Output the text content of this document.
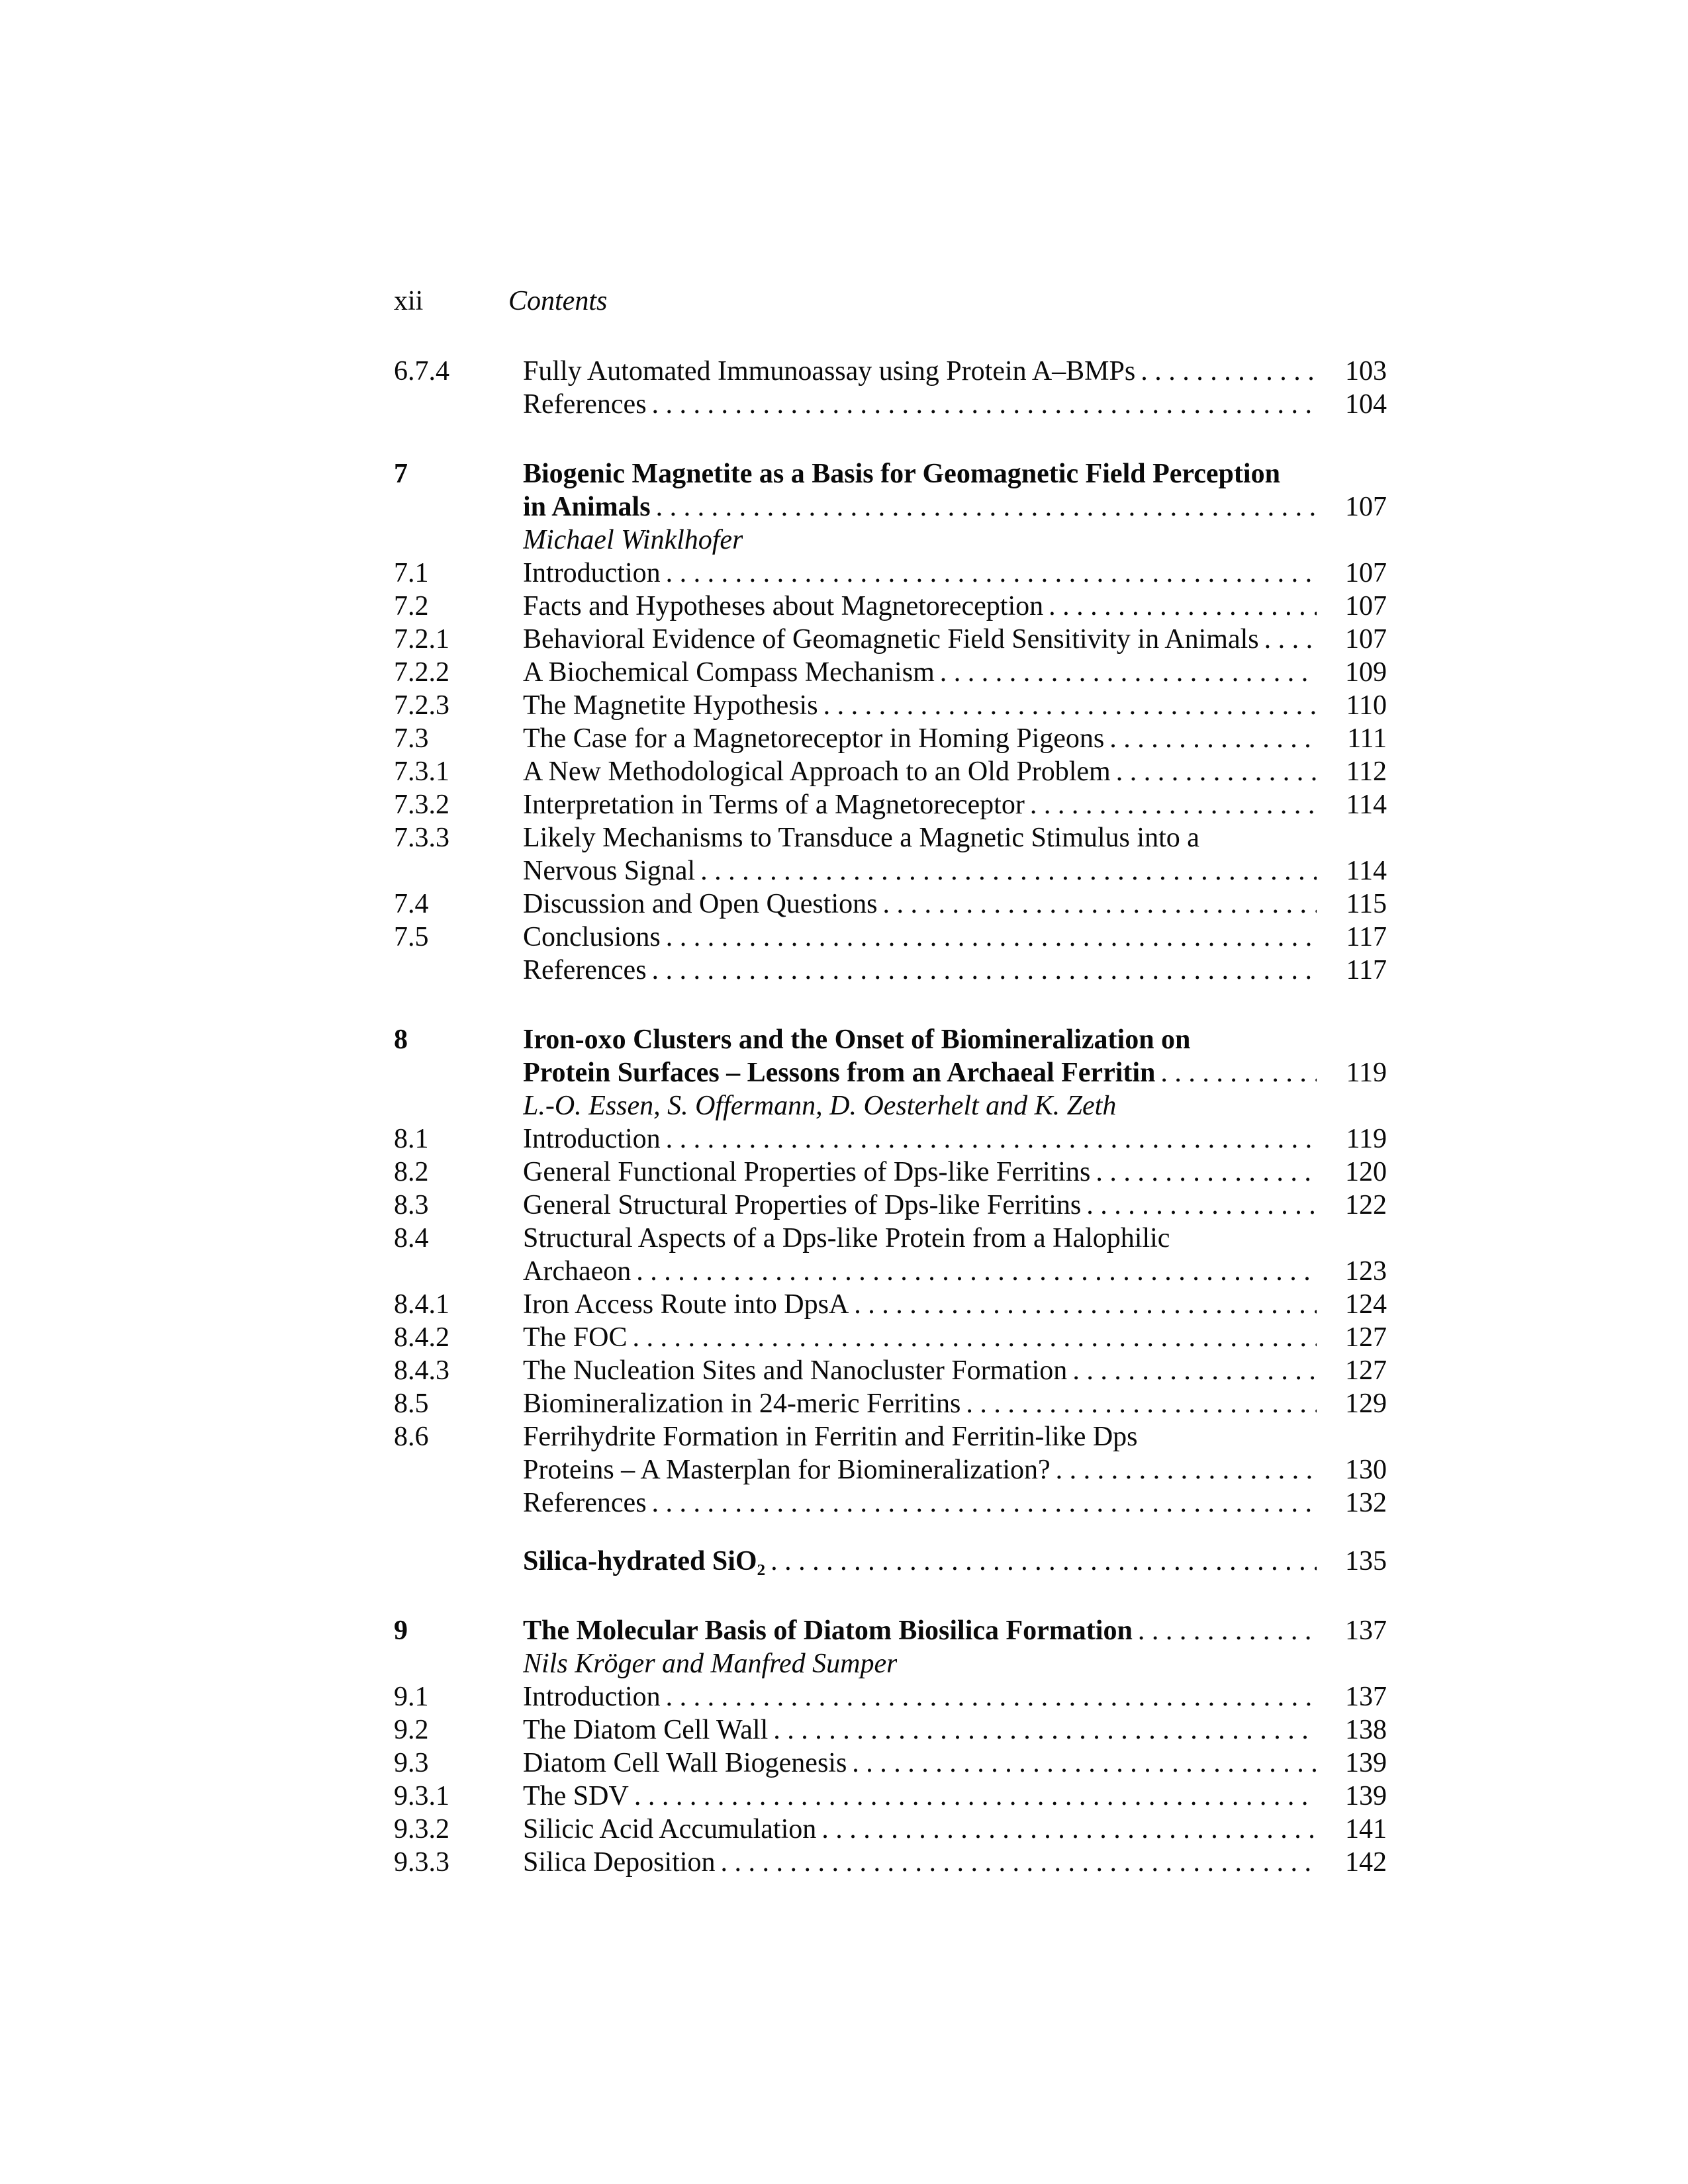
xii	Contents
6.7.4	Fully Automated Immunoassay using Protein A–BMPs . . .	103
References . . .	104
7	Biogenic Magnetite as a Basis for Geomagnetic Field Perception
in Animals . . .	107
Michael Winklhofer
7.1	Introduction . . .	107
7.2	Facts and Hypotheses about Magnetoreception . . .	107
7.2.1	Behavioral Evidence of Geomagnetic Field Sensitivity in Animals . . .	107
7.2.2	A Biochemical Compass Mechanism . . .	109
7.2.3	The Magnetite Hypothesis . . .	110
7.3	The Case for a Magnetoreceptor in Homing Pigeons . . .	111
7.3.1	A New Methodological Approach to an Old Problem . . .	112
7.3.2	Interpretation in Terms of a Magnetoreceptor . . .	114
7.3.3	Likely Mechanisms to Transduce a Magnetic Stimulus into a
Nervous Signal . . .	114
7.4	Discussion and Open Questions . . .	115
7.5	Conclusions . . .	117
References . . .	117
8	Iron-oxo Clusters and the Onset of Biomineralization on
Protein Surfaces – Lessons from an Archaeal Ferritin . . .	119
L.-O. Essen, S. Offermann, D. Oesterhelt and K. Zeth
8.1	Introduction . . .	119
8.2	General Functional Properties of Dps-like Ferritins . . .	120
8.3	General Structural Properties of Dps-like Ferritins . . .	122
8.4	Structural Aspects of a Dps-like Protein from a Halophilic
Archaeon . . .	123
8.4.1	Iron Access Route into DpsA . . .	124
8.4.2	The FOC . . .	127
8.4.3	The Nucleation Sites and Nanocluster Formation . . .	127
8.5	Biomineralization in 24-meric Ferritins . . .	129
8.6	Ferrihydrite Formation in Ferritin and Ferritin-like Dps
Proteins – A Masterplan for Biomineralization? . . .	130
References . . .	132
Silica-hydrated SiO₂ . . .	135
9	The Molecular Basis of Diatom Biosilica Formation . . .	137
Nils Kröger and Manfred Sumper
9.1	Introduction . . .	137
9.2	The Diatom Cell Wall . . .	138
9.3	Diatom Cell Wall Biogenesis . . .	139
9.3.1	The SDV . . .	139
9.3.2	Silicic Acid Accumulation . . .	141
9.3.3	Silica Deposition . . .	142
